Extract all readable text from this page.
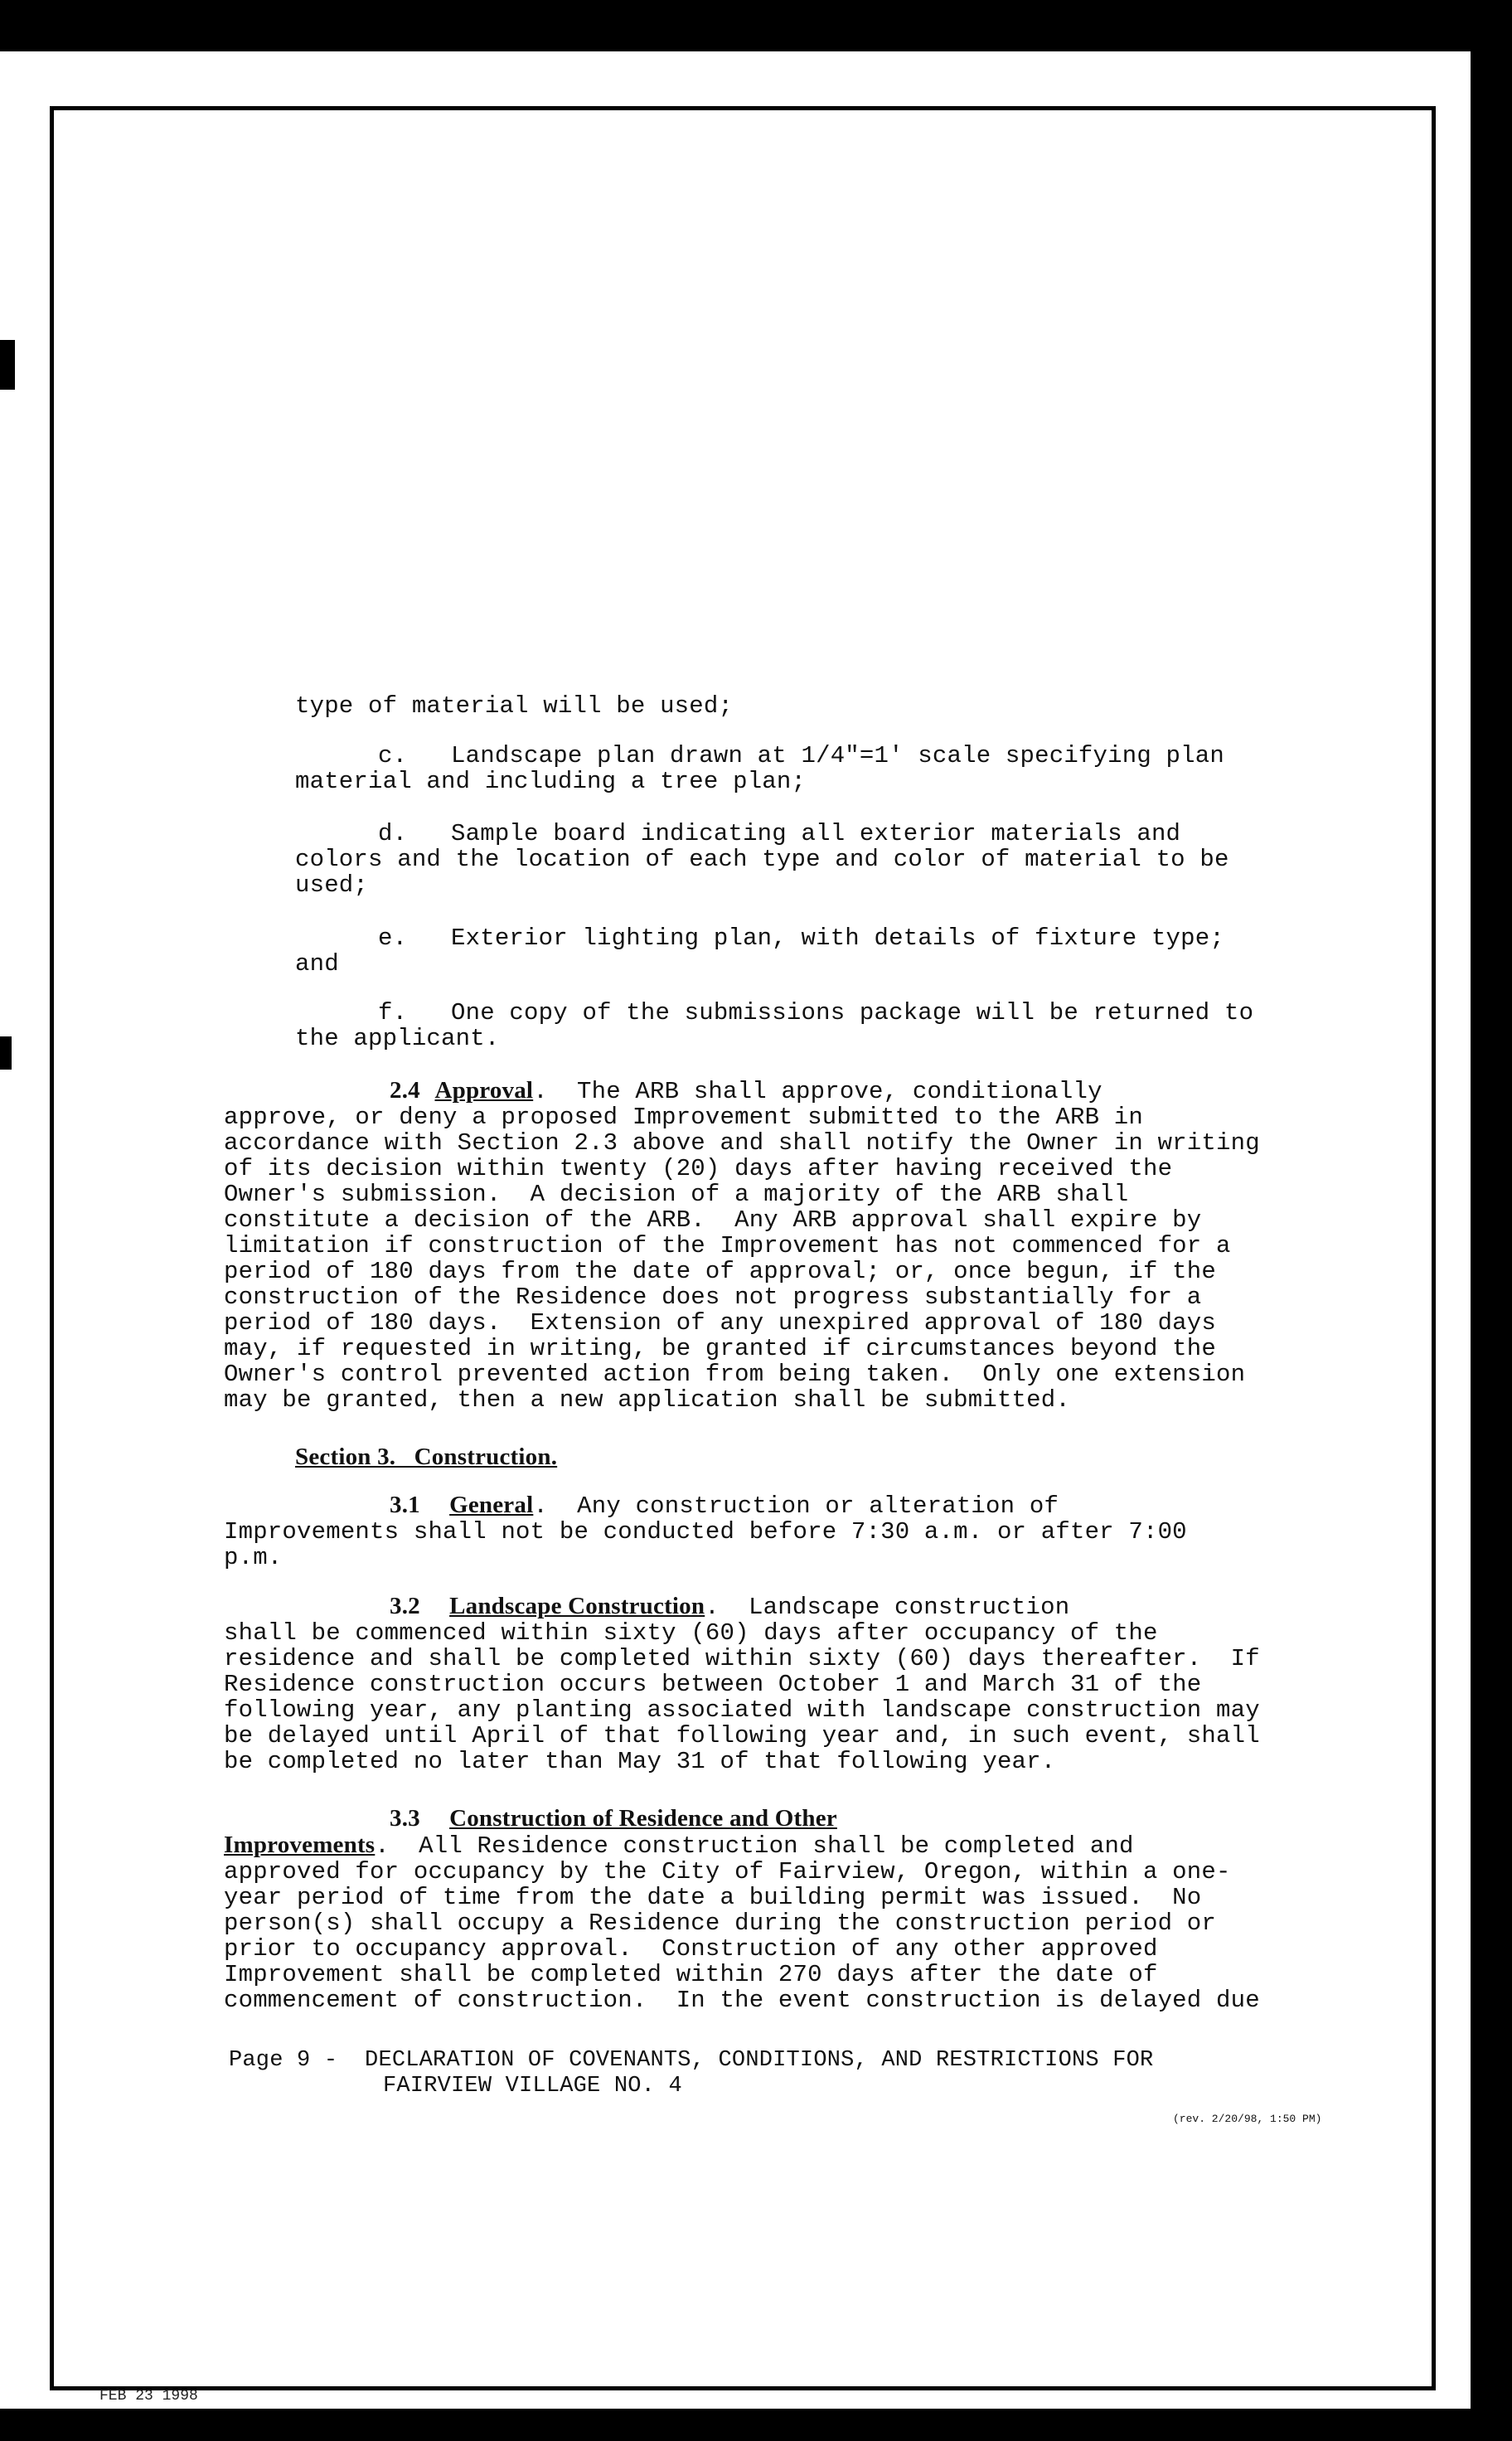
type of material will be used;
c.   Landscape plan drawn at 1/4"=1' scale specifying plan
material and including a tree plan;
d.   Sample board indicating all exterior materials and
colors and the location of each type and color of material to be
used;
e.   Exterior lighting plan, with details of fixture type;
and
f.   One copy of the submissions package will be returned to
the applicant.
2.4 Approval.  The ARB shall approve, conditionally
approve, or deny a proposed Improvement submitted to the ARB in
accordance with Section 2.3 above and shall notify the Owner in writing
of its decision within twenty (20) days after having received the
Owner's submission.  A decision of a majority of the ARB shall
constitute a decision of the ARB.  Any ARB approval shall expire by
limitation if construction of the Improvement has not commenced for a
period of 180 days from the date of approval; or, once begun, if the
construction of the Residence does not progress substantially for a
period of 180 days.  Extension of any unexpired approval of 180 days
may, if requested in writing, be granted if circumstances beyond the
Owner's control prevented action from being taken.  Only one extension
may be granted, then a new application shall be submitted.
Section 3.   Construction.
3.1 General.  Any construction or alteration of
Improvements shall not be conducted before 7:30 a.m. or after 7:00
p.m.
3.2 Landscape Construction.  Landscape construction
shall be commenced within sixty (60) days after occupancy of the
residence and shall be completed within sixty (60) days thereafter.  If
Residence construction occurs between October 1 and March 31 of the
following year, any planting associated with landscape construction may
be delayed until April of that following year and, in such event, shall
be completed no later than May 31 of that following year.
3.3 Construction of Residence and Other
Improvements.  All Residence construction shall be completed and
approved for occupancy by the City of Fairview, Oregon, within a one-
year period of time from the date a building permit was issued.  No
person(s) shall occupy a Residence during the construction period or
prior to occupancy approval.  Construction of any other approved
Improvement shall be completed within 270 days after the date of
commencement of construction.  In the event construction is delayed due
Page 9 - DECLARATION OF COVENANTS, CONDITIONS, AND RESTRICTIONS FOR
FAIRVIEW VILLAGE NO. 4
(rev. 2/20/98, 1:50 PM)
FEB 23 1998
